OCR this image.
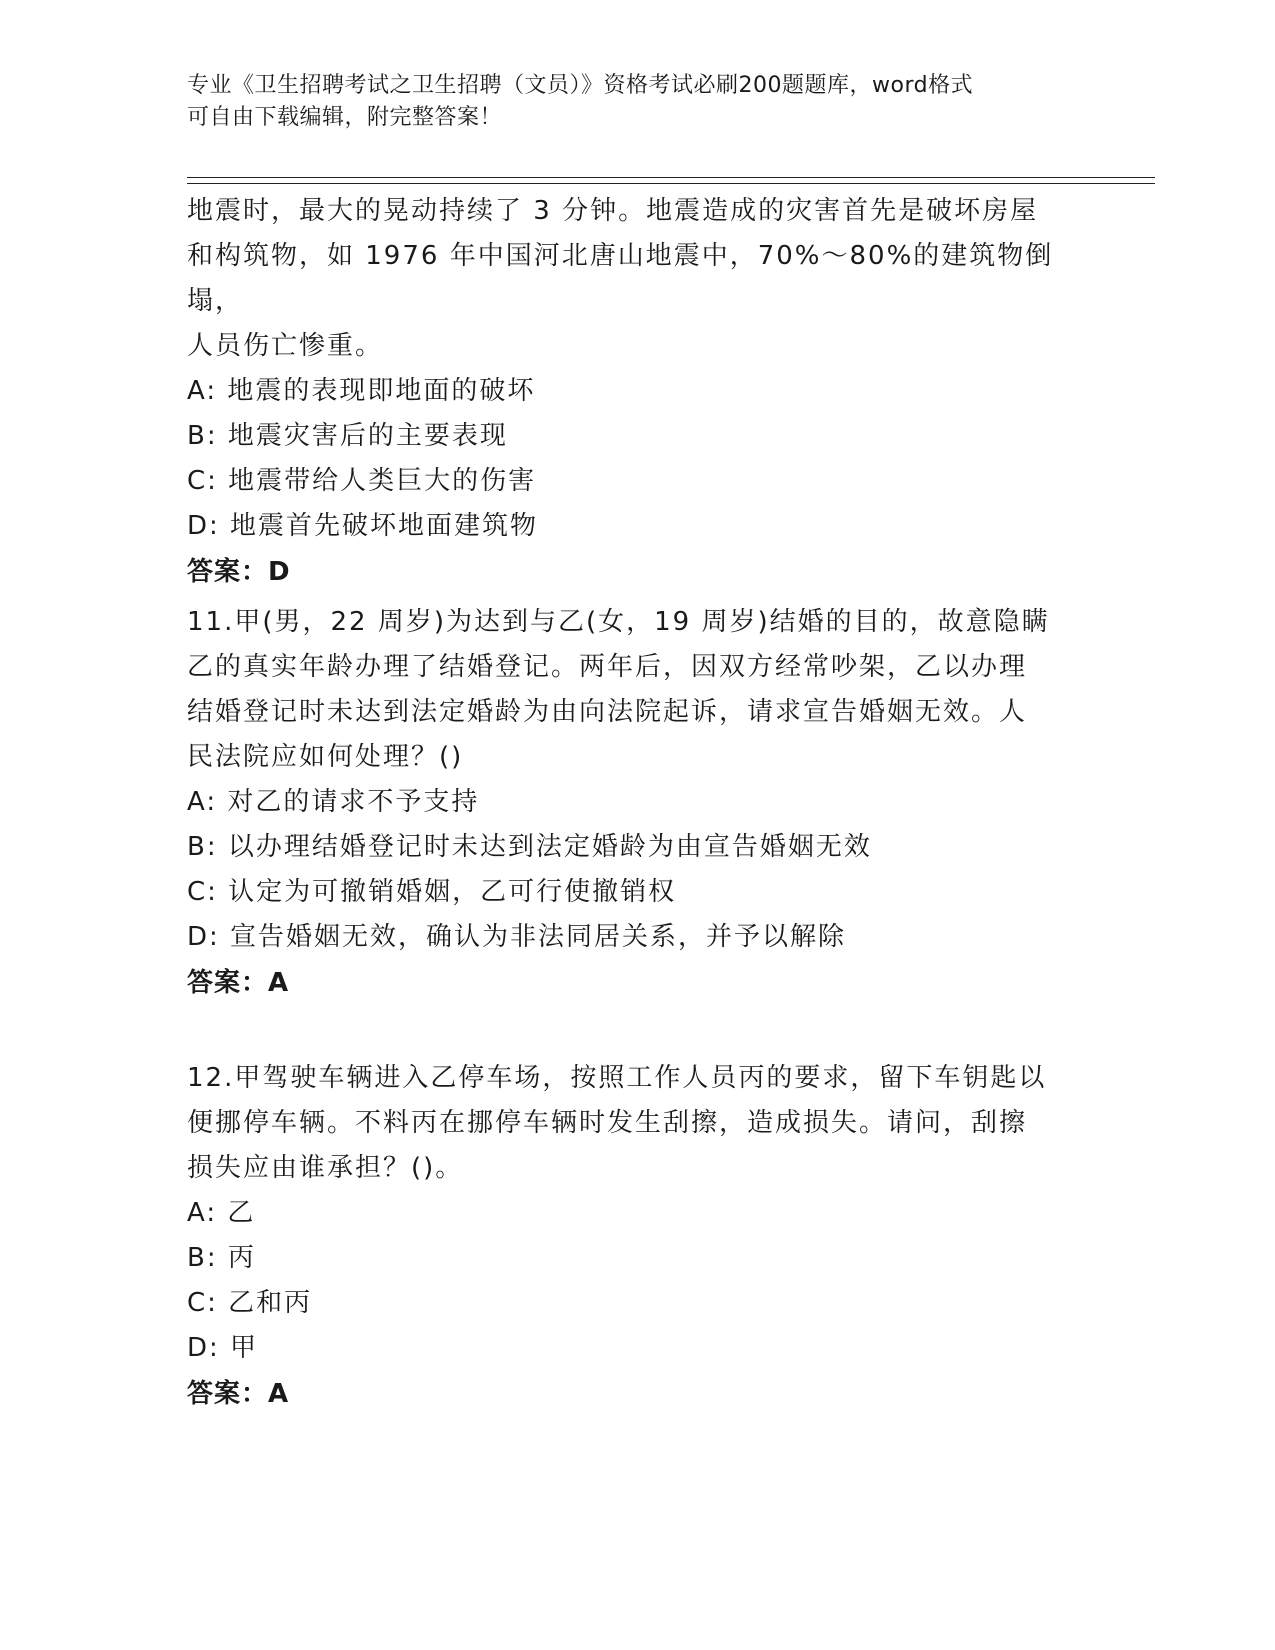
专业《卫生招聘考试之卫生招聘（文员）》资格考试必刷200题题库，word格式
可自由下载编辑，附完整答案！

地震时，最大的晃动持续了 3 分钟。地震造成的灾害首先是破坏房屋

和构筑物，如 1976 年中国河北唐山地震中，70%～80%的建筑物倒塌，

人员伤亡惨重。

A: 地震的表现即地面的破坏

B: 地震灾害后的主要表现

C: 地震带给人类巨大的伤害

D: 地震首先破坏地面建筑物

答案：D

11.甲(男，22 周岁)为达到与乙(女，19 周岁)结婚的目的，故意隐瞒

乙的真实年龄办理了结婚登记。两年后，因双方经常吵架，乙以办理

结婚登记时未达到法定婚龄为由向法院起诉，请求宣告婚姻无效。人

民法院应如何处理？()

A: 对乙的请求不予支持

B: 以办理结婚登记时未达到法定婚龄为由宣告婚姻无效

C: 认定为可撤销婚姻，乙可行使撤销权

D: 宣告婚姻无效，确认为非法同居关系，并予以解除

答案：A

12.甲驾驶车辆进入乙停车场，按照工作人员丙的要求，留下车钥匙以

便挪停车辆。不料丙在挪停车辆时发生刮擦，造成损失。请问，刮擦

损失应由谁承担？()。

A: 乙

B: 丙

C: 乙和丙

D: 甲

答案：A
